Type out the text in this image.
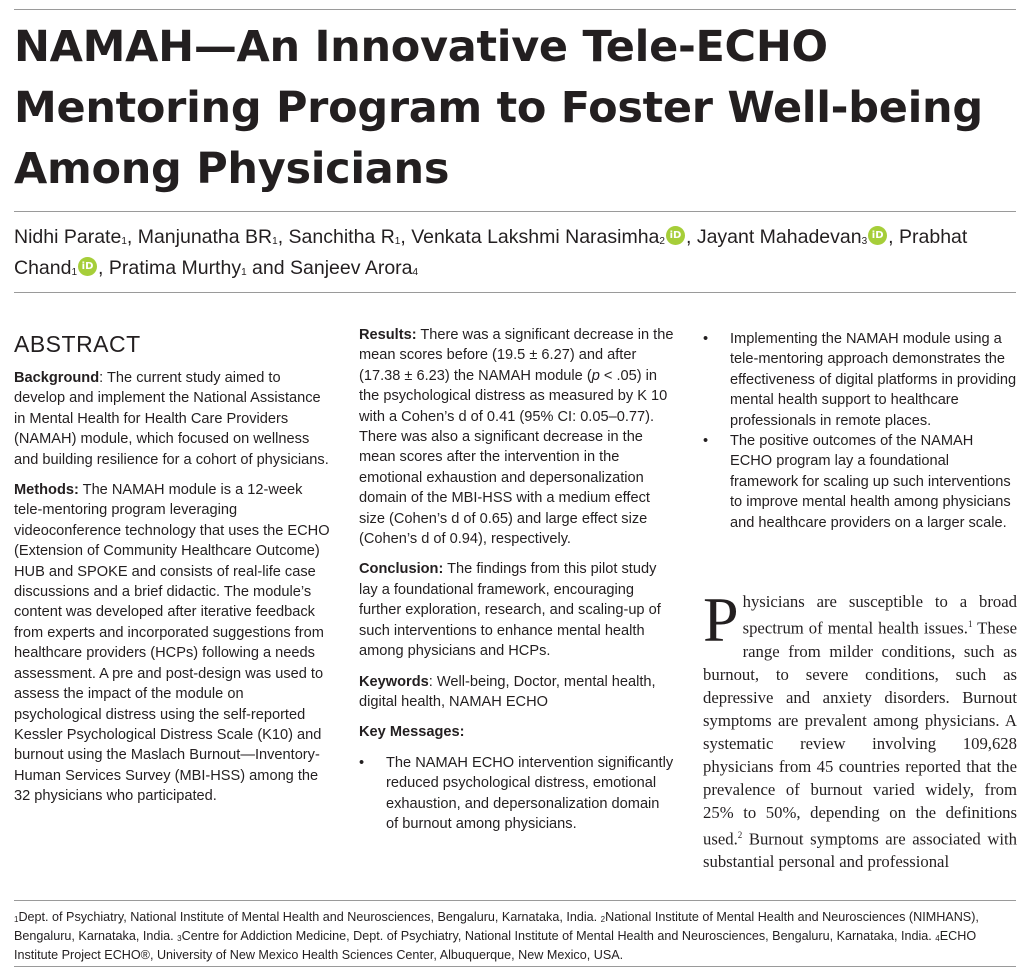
NAMAH—An Innovative Tele-ECHO Mentoring Program to Foster Well-being Among Physicians
Nidhi Parate$^1$, Manjunatha $BR^1$, Sanchitha $R^1$, Venkata Lakshmi Narasimha$^2$iD , Jayant Mahadevan$^3$iD , Prabhat Chand$^1$iD , Pratima Murthy$^1$ and Sanjeev Arora$^4$
ABSTRACT

Background: The current study aimed to develop and implement the National Assistance in Mental Health for Health Care Providers (NAMAH) module, which focused on wellness and building resilience for a cohort of physicians.

Methods: The NAMAH module is a 12-week tele-mentoring program leveraging videoconference technology that uses the ECHO (Extension of Community Healthcare Outcome) HUB and SPOKE and consists of real-life case discussions and a brief didactic. The module’s content was developed after iterative feedback from experts and incorporated suggestions from healthcare providers (HCPs) following a needs assessment. A pre and post-design was used to assess the impact of the module on psychological distress using the self-reported Kessler Psychological Distress Scale (K10) and burnout using the Maslach Burnout—Inventory-Human Services Survey (MBI-HSS) among the 32 physicians who participated.

Results: There was a significant decrease in the mean scores before (19.5 ± 6.27) and after (17.38 ± 6.23) the NAMAH module (p < .05) in the psychological distress as measured by K 10 with a Cohen’s d of 0.41 (95% CI: 0.05–0.77). There was also a significant decrease in the mean scores after the intervention in the emotional exhaustion and depersonalization domain of the MBI-HSS with a medium effect size (Cohen’s d of 0.65) and large effect size (Cohen’s d of 0.94), respectively.

Conclusion: The findings from this pilot study lay a foundational framework, encouraging further exploration, research, and scaling-up of such interventions to enhance mental health among physicians and HCPs.

Keywords: Well-being, Doctor, mental health, digital health, NAMAH ECHO

Key Messages:

• The NAMAH ECHO intervention significantly reduced psychological distress, emotional exhaustion, and depersonalization domain of burnout among physicians.
• Implementing the NAMAH module using a tele-mentoring approach demonstrates the effectiveness of digital platforms in providing mental health support to healthcare professionals in remote places.
• The positive outcomes of the NAMAH ECHO program lay a foundational framework for scaling up such interventions to improve mental health among physicians and healthcare providers on a larger scale.

Physicians are susceptible to a broad spectrum of mental health issues.$^1$ These range from milder conditions, such as burnout, to severe conditions, such as depressive and anxiety disorders. Burnout symptoms are prevalent among physicians. A systematic review involving 109,628 physicians from 45 countries reported that the prevalence of burnout varied widely, from 25% to 50%, depending on the definitions used.$^2$ Burnout symptoms are associated with substantial personal and professional

$^1$Dept. of Psychiatry, National Institute of Mental Health and Neurosciences, Bengaluru, Karnataka, India. $^2$National Institute of Mental Health and Neurosciences (NIMHANS), Bengaluru, Karnataka, India. $^3$Centre for Addiction Medicine, Dept. of Psychiatry, National Institute of Mental Health and Neurosciences, Bengaluru, Karnataka, India. $^4$ECHO Institute Project ECHO®, University of New Mexico Health Sciences Center, Albuquerque, New Mexico, USA.
